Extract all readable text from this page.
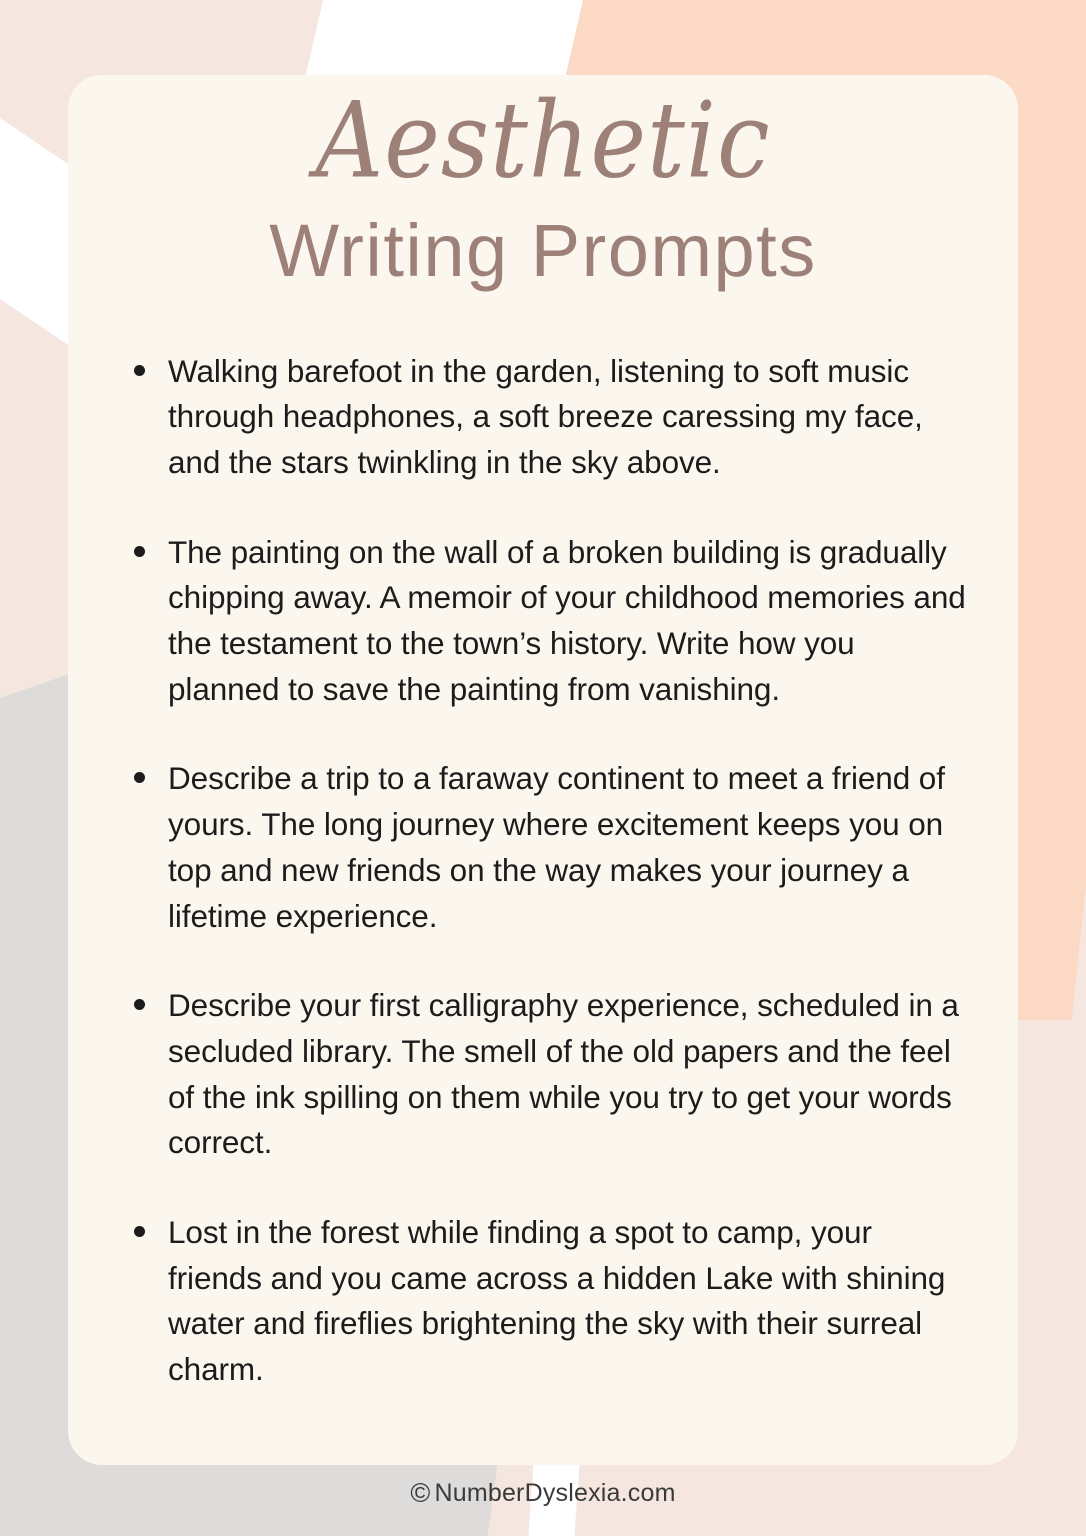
Aesthetic
Writing Prompts
Walking barefoot in the garden, listening to soft music through headphones, a soft breeze caressing my face, and the stars twinkling in the sky above.
The painting on the wall of a broken building is gradually chipping away. A memoir of your childhood memories and the testament to the town’s history. Write how you planned to save the painting from vanishing.
Describe a trip to a faraway continent to meet a friend of yours. The long journey where excitement keeps you on top and new friends on the way makes your journey a lifetime experience.
Describe your first calligraphy experience, scheduled in a secluded library. The smell of the old papers and the feel of the ink spilling on them while you try to get your words correct.
Lost in the forest while finding a spot to camp, your friends and you came across a hidden Lake with shining water and fireflies brightening the sky with their surreal charm.
© NumberDyslexia.com
